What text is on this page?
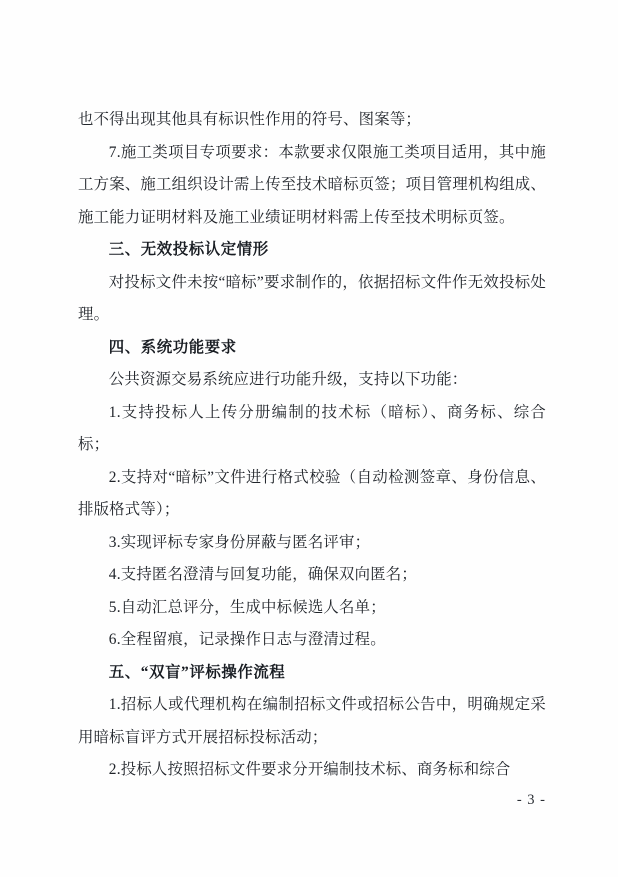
也不得出现其他具有标识性作用的符号、图案等；

7.施工类项目专项要求：本款要求仅限施工类项目适用，其中施工方案、施工组织设计需上传至技术暗标页签；项目管理机构组成、施工能力证明材料及施工业绩证明材料需上传至技术明标页签。

三、无效投标认定情形

对投标文件未按“暗标”要求制作的，依据招标文件作无效投标处理。

四、系统功能要求

公共资源交易系统应进行功能升级，支持以下功能：

1.支持投标人上传分册编制的技术标（暗标）、商务标、综合标；

2.支持对“暗标”文件进行格式校验（自动检测签章、身份信息、排版格式等）；

3.实现评标专家身份屏蔽与匿名评审；

4.支持匿名澄清与回复功能，确保双向匿名；

5.自动汇总评分，生成中标候选人名单；

6.全程留痕，记录操作日志与澄清过程。

五、“双盲”评标操作流程

1.招标人或代理机构在编制招标文件或招标公告中，明确规定采用暗标盲评方式开展招标投标活动；

2.投标人按照招标文件要求分开编制技术标、商务标和综合

- 3 -
